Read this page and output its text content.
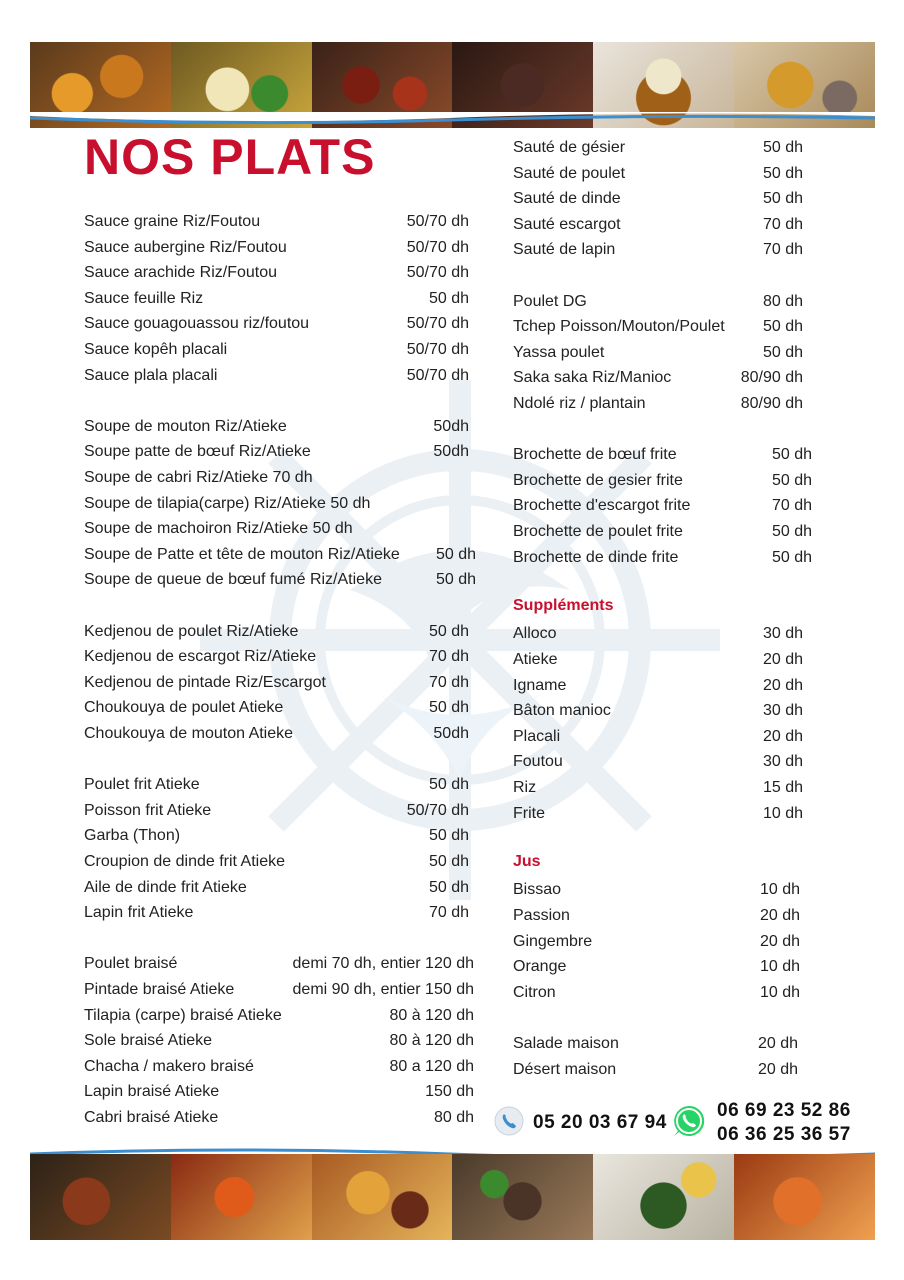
NOS PLATS
Sauce graine Riz/Foutou	50/70 dh
Sauce aubergine Riz/Foutou	50/70 dh
Sauce arachide Riz/Foutou	50/70 dh
Sauce feuille Riz	50 dh
Sauce gouagouassou riz/foutou	50/70 dh
Sauce kopêh placali	50/70 dh
Sauce plala placali	50/70 dh
Soupe de mouton Riz/Atieke	50dh
Soupe patte de bœuf Riz/Atieke	50dh
Soupe de cabri Riz/Atieke 70 dh
Soupe de tilapia(carpe) Riz/Atieke 50 dh
Soupe de machoiron Riz/Atieke 50 dh
Soupe de Patte et tête de mouton Riz/Atieke 50 dh
Soupe de queue de bœuf fumé Riz/Atieke	50 dh
Kedjenou de poulet Riz/Atieke	50 dh
Kedjenou de escargot Riz/Atieke	70 dh
Kedjenou de pintade Riz/Escargot	70 dh
Choukouya de poulet Atieke	50 dh
Choukouya de mouton Atieke	50dh
Poulet frit Atieke	50 dh
Poisson frit Atieke	50/70 dh
Garba (Thon)	50 dh
Croupion de dinde frit Atieke	50 dh
Aile de dinde frit Atieke	50 dh
Lapin frit Atieke	70 dh
Poulet braisé	demi 70 dh, entier 120 dh
Pintade braisé Atieke	demi 90 dh, entier 150 dh
Tilapia (carpe) braisé Atieke	80 à 120 dh
Sole braisé Atieke	80 à 120 dh
Chacha / makero braisé	80 a 120 dh
Lapin braisé Atieke	150 dh
Cabri braisé Atieke	80 dh
Sauté de gésier	50 dh
Sauté de poulet	50 dh
Sauté de dinde	50 dh
Sauté escargot	70 dh
Sauté de lapin	70 dh
Poulet DG	80 dh
Tchep Poisson/Mouton/Poulet 50 dh
Yassa poulet	50 dh
Saka saka Riz/Manioc	80/90 dh
Ndolé riz / plantain	80/90 dh
Brochette de bœuf frite	50 dh
Brochette de gesier frite	50 dh
Brochette d'escargot frite	70 dh
Brochette de poulet frite	50 dh
Brochette de dinde frite	50 dh
Suppléments
Alloco	30 dh
Atieke	20 dh
Igname	20 dh
Bâton manioc	30 dh
Placali	20 dh
Foutou	30 dh
Riz	15 dh
Frite	10 dh
Jus
Bissao	10 dh
Passion	20 dh
Gingembre	20 dh
Orange	10 dh
Citron	10 dh
Salade maison	20 dh
Désert maison	20 dh
05 20 03 67 94
06 69 23 52 86
06 36 25 36 57
